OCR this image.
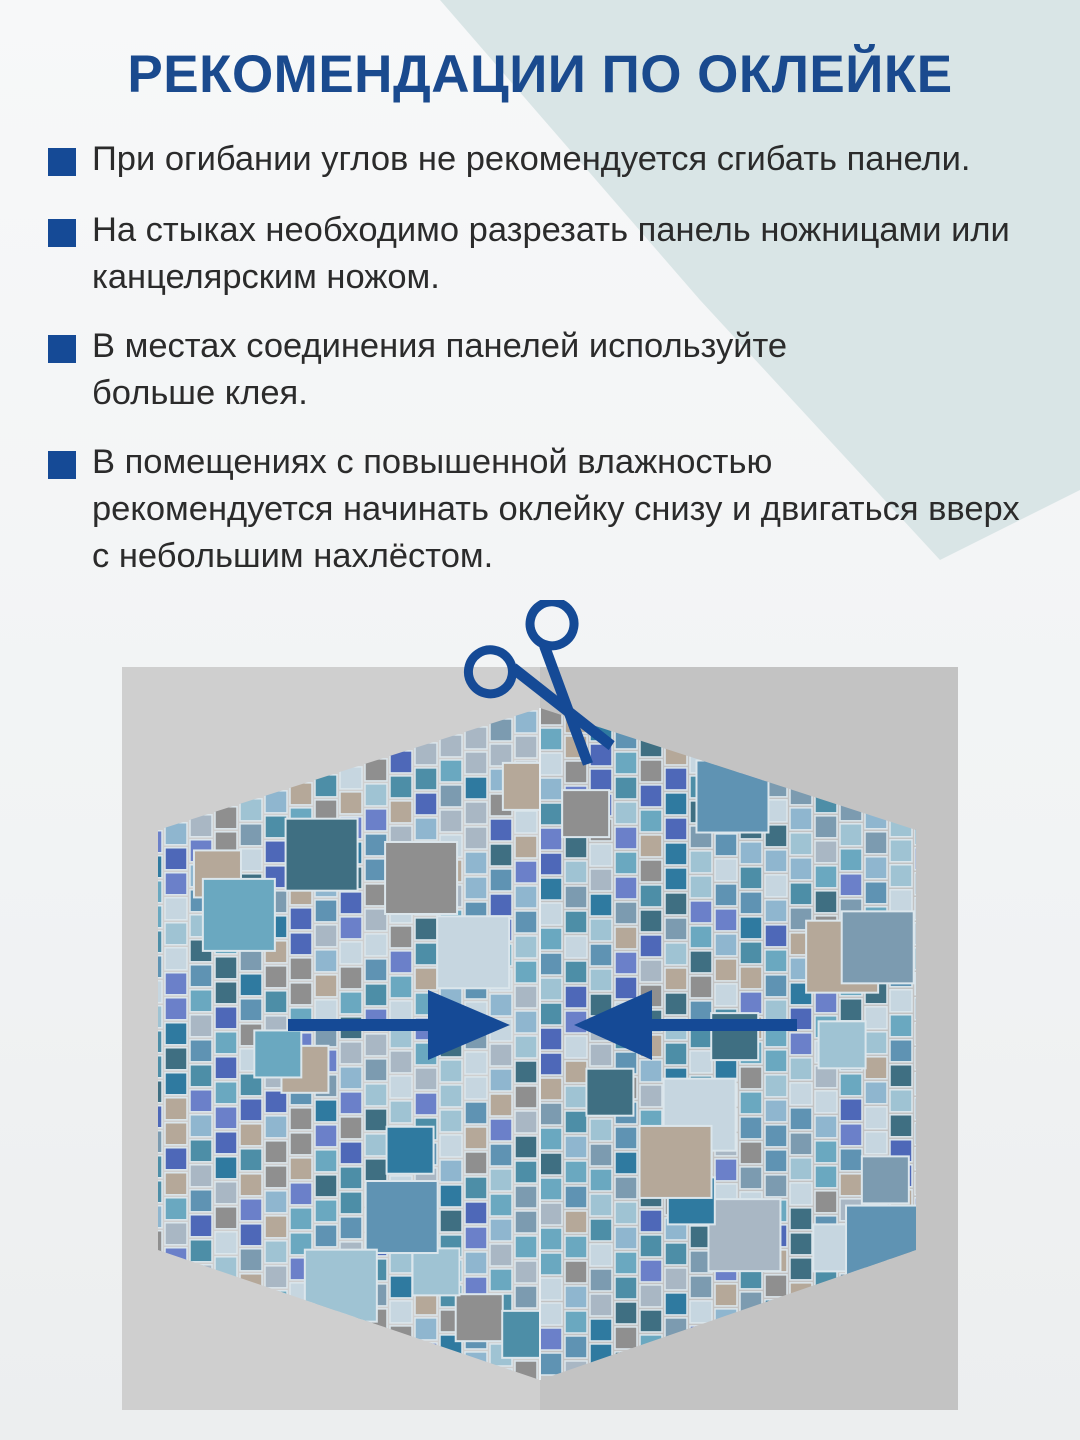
РЕКОМЕНДАЦИИ ПО ОКЛЕЙКЕ
При огибании углов не рекомендуется сгибать панели.
На стыках необходимо разрезать панель ножницами или канцелярским ножом.
В местах соединения панелей используйте больше клея.
В помещениях с повышенной влажностью рекомендуется начинать оклейку снизу и двигаться вверх с небольшим нахлёстом.
